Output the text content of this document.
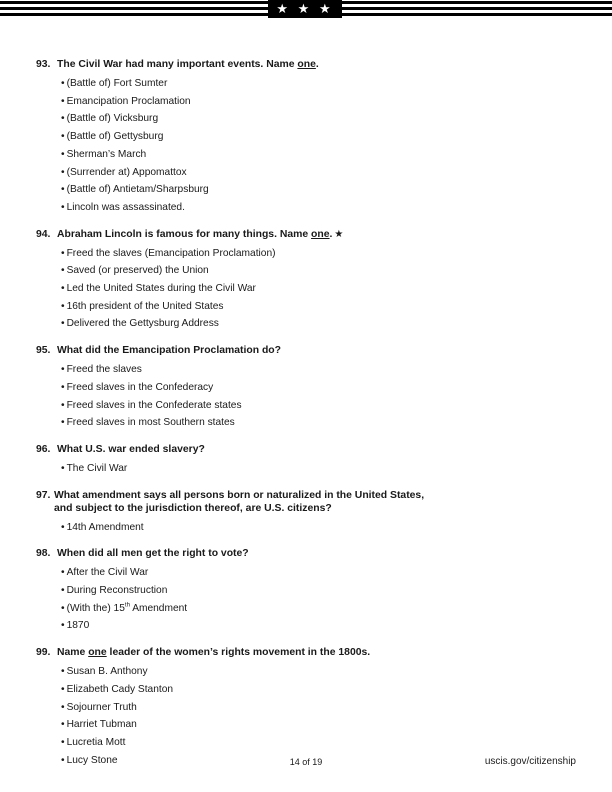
★ ★ ★ ★
93. The Civil War had many important events. Name one.
• (Battle of) Fort Sumter
• Emancipation Proclamation
• (Battle of) Vicksburg
• (Battle of) Gettysburg
• Sherman’s March
• (Surrender at) Appomattox
• (Battle of) Antietam/Sharpsburg
• Lincoln was assassinated.
94. Abraham Lincoln is famous for many things. Name one. ★
• Freed the slaves (Emancipation Proclamation)
• Saved (or preserved) the Union
• Led the United States during the Civil War
• 16th president of the United States
• Delivered the Gettysburg Address
95. What did the Emancipation Proclamation do?
• Freed the slaves
• Freed slaves in the Confederacy
• Freed slaves in the Confederate states
• Freed slaves in most Southern states
96. What U.S. war ended slavery?
• The Civil War
97. What amendment says all persons born or naturalized in the United States,
and subject to the jurisdiction thereof, are U.S. citizens?
• 14th Amendment
98. When did all men get the right to vote?
• After the Civil War
• During Reconstruction
• (With the) 15th Amendment
• 1870
99. Name one leader of the women’s rights movement in the 1800s.
• Susan B. Anthony
• Elizabeth Cady Stanton
• Sojourner Truth
• Harriet Tubman
• Lucretia Mott
• Lucy Stone	14 of 19	uscis.gov/citizenship
